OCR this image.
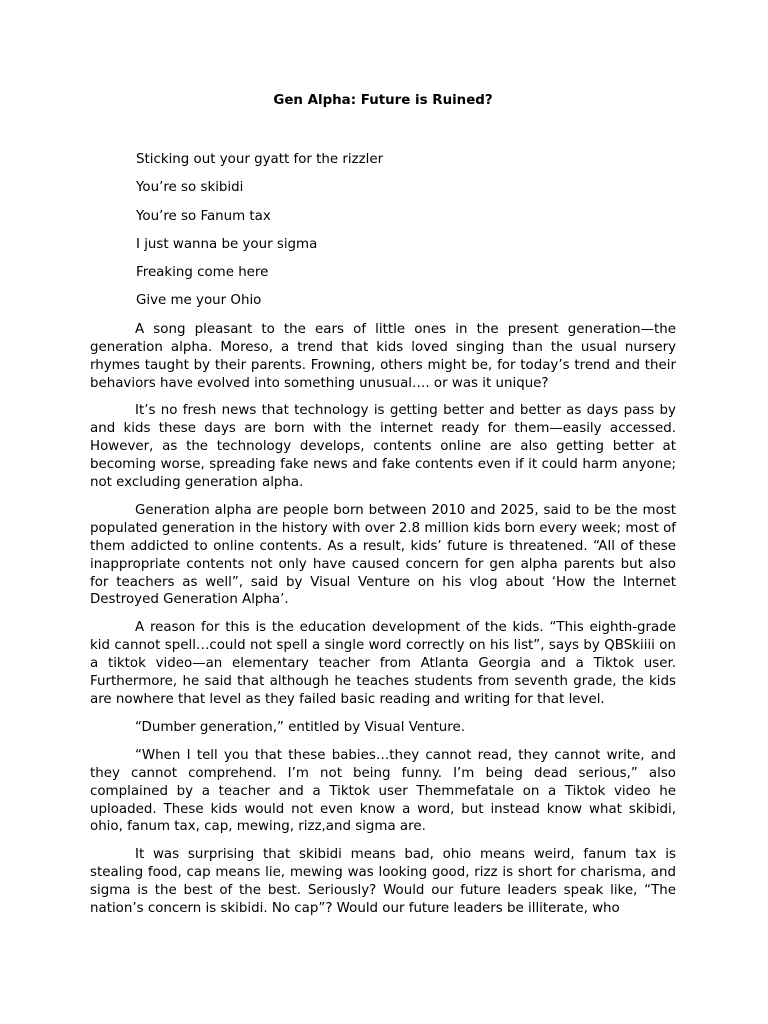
Gen Alpha: Future is Ruined?

Sticking out your gyatt for the rizzler

You’re so skibidi

You’re so Fanum tax

I just wanna be your sigma

Freaking come here

Give me your Ohio

A song pleasant to the ears of little ones in the present generation—the generation alpha. Moreso, a trend that kids loved singing than the usual nursery rhymes taught by their parents. Frowning, others might be, for today’s trend and their behaviors have evolved into something unusual…. or was it unique?

It’s no fresh news that technology is getting better and better as days pass by and kids these days are born with the internet ready for them—easily accessed. However, as the technology develops, contents online are also getting better at becoming worse, spreading fake news and fake contents even if it could harm anyone; not excluding generation alpha.

Generation alpha are people born between 2010 and 2025, said to be the most populated generation in the history with over 2.8 million kids born every week; most of them addicted to online contents. As a result, kids’ future is threatened. “All of these inappropriate contents not only have caused concern for gen alpha parents but also for teachers as well”, said by Visual Venture on his vlog about ‘How the Internet Destroyed Generation Alpha’.

A reason for this is the education development of the kids. “This eighth-grade kid cannot spell…could not spell a single word correctly on his list”, says by QBSkiiii on a tiktok video—an elementary teacher from Atlanta Georgia and a Tiktok user. Furthermore, he said that although he teaches students from seventh grade, the kids are nowhere that level as they failed basic reading and writing for that level.

“Dumber generation,” entitled by Visual Venture.

“When I tell you that these babies…they cannot read, they cannot write, and they cannot comprehend. I’m not being funny. I’m being dead serious,” also complained by a teacher and a Tiktok user Themmefatale on a Tiktok video he uploaded. These kids would not even know a word, but instead know what skibidi, ohio, fanum tax, cap, mewing, rizz,and sigma are.

It was surprising that skibidi means bad, ohio means weird, fanum tax is stealing food, cap means lie, mewing was looking good, rizz is short for charisma, and sigma is the best of the best. Seriously? Would our future leaders speak like, “The nation’s concern is skibidi. No cap”? Would our future leaders be illiterate, who
